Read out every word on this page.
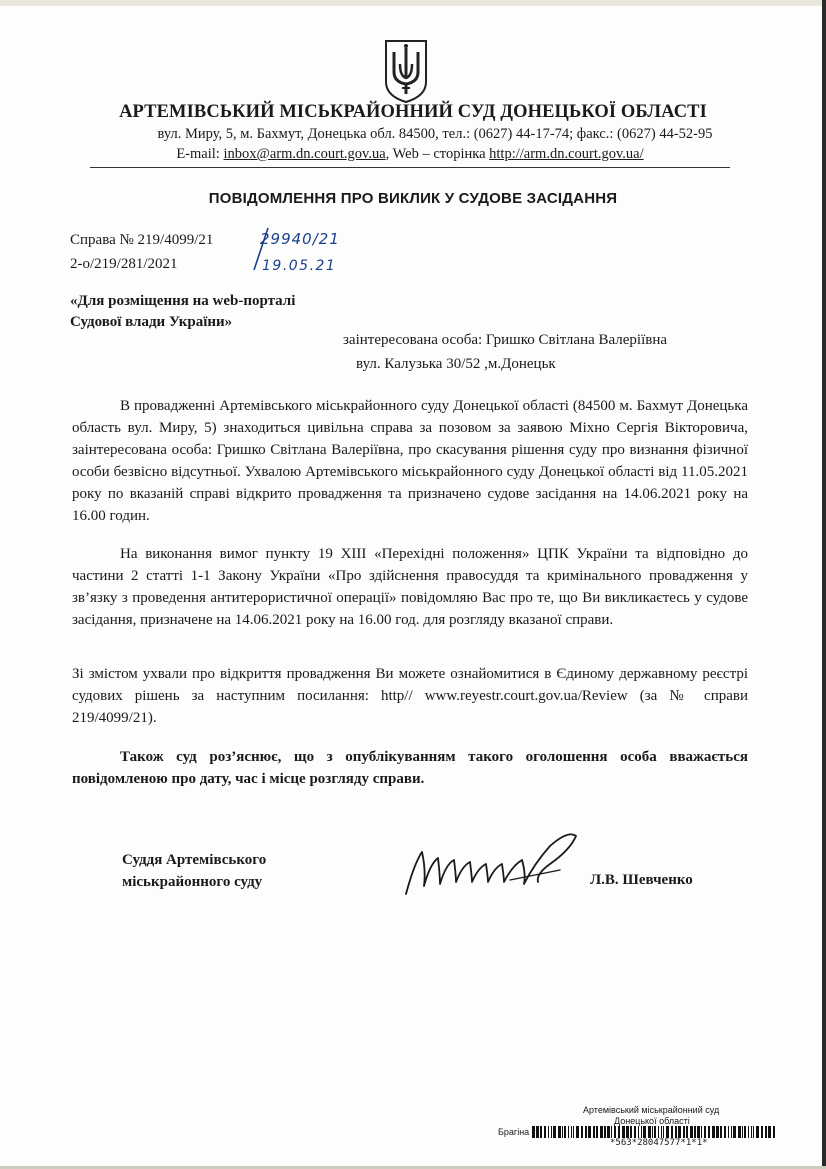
АРТЕМІВСЬКИЙ МІСЬКРАЙОННИЙ СУД ДОНЕЦЬКОЇ ОБЛАСТІ
вул. Миру, 5, м. Бахмут, Донецька обл. 84500, тел.: (0627) 44-17-74; факс.: (0627) 44-52-95
E-mail: inbox@arm.dn.court.gov.ua, Web – сторінка http://arm.dn.court.gov.ua/
ПОВІДОМЛЕННЯ ПРО ВИКЛИК У СУДОВЕ ЗАСІДАННЯ
Справа № 219/4099/21
2-о/219/281/2021
29940/21
19.05.21
«Для розміщення на web-порталі
Судової влади України»
заінтересована особа: Гришко Світлана Валеріївна
вул. Калузька 30/52 ,м.Донецьк
В провадженні Артемівського міськрайонного суду Донецької області (84500 м. Бахмут Донецька область вул. Миру, 5) знаходиться цивільна справа за позовом за заявою Міхно Сергія Вікторовича, заінтересована особа: Гришко Світлана Валеріївна, про скасування рішення суду про визнання фізичної особи безвісно відсутньої. Ухвалою Артемівського міськрайонного суду Донецької області від 11.05.2021 року по вказаній справі відкрито провадження та призначено судове засідання на 14.06.2021 року на 16.00 годин.
На виконання вимог пункту 19 XIII «Перехідні положення» ЦПК України та відповідно до частини 2 статті 1-1 Закону України «Про здійснення правосуддя та кримінального провадження у зв’язку з проведення антитерористичної операції» повідомляю Вас про те, що Ви викликаєтесь у судове засідання, призначене на 14.06.2021 року на 16.00 год. для розгляду вказаної справи.
Зі змістом ухвали про відкриття провадження Ви можете ознайомитися в Єдиному державному реєстрі судових рішень за наступним посилання: http// www.reyestr.court.gov.ua/Review (за № справи 219/4099/21).
Також суд роз’яснює, що з опублікуванням такого оголошення особа вважається повідомленою про дату, час і місце розгляду справи.
Суддя Артемівського
міськрайонного суду	Л.В. Шевченко
Артемівський міськрайонний суд
Донецької області
Брагіна
*563*28047577*1*1*
